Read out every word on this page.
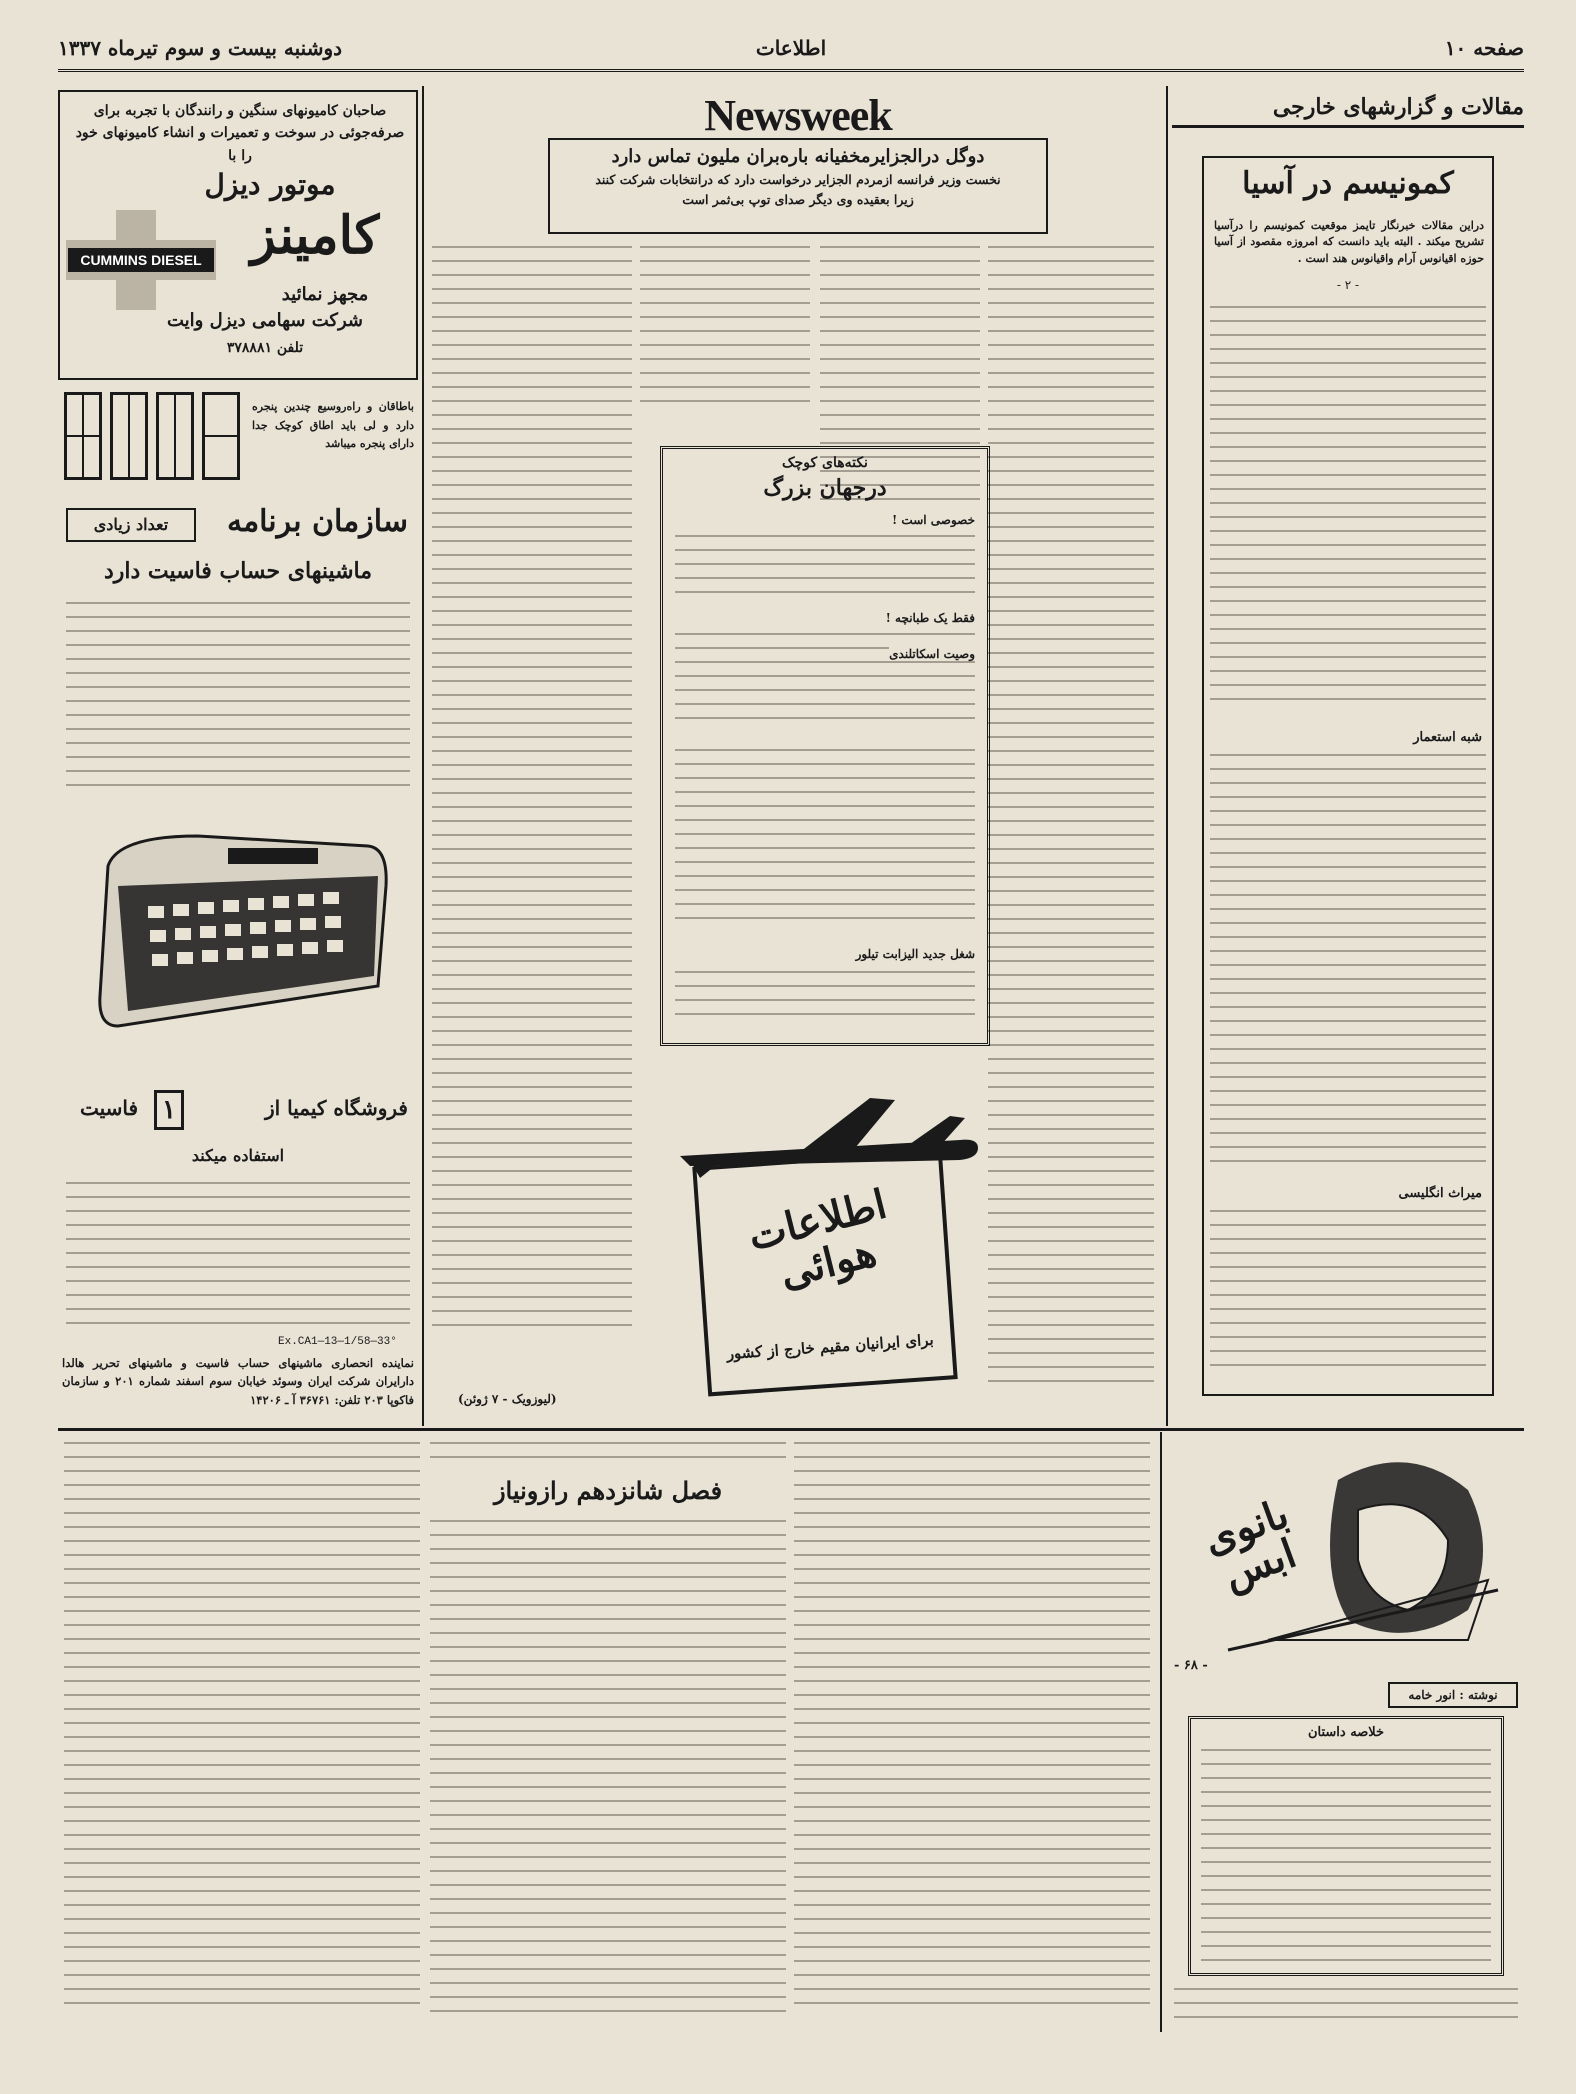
دوشنبه بیست و سوم تیرماه ۱۳۳۷	اطلاعات	صفحه ۱۰
مقالات و گزارشهای خارجی
کمونیسم در آسیا
دراین مقالات خبرنگار تایمز موقعیت کمونیسم را درآسیا تشریح میکند . البته باید دانست که امروزه مقصود از آسیا حوزه اقیانوس آرام واقیانوس هند است .
- ۲ -
شبه استعمار
میراث انگلیسی
Newsweek
دوگل درالجزایرمخفیانه باره‌بران ملیون تماس دارد
نخست وزیر فرانسه ازمردم الجزایر درخواست دارد که درانتخابات شرکت کنند
زیرا بعقیده وی دیگر صدای توپ بی‌ثمر است
(لیوزویک - ۷ ژوئن)
نکته‌های کوچک
درجهان بزرگ
خصوصی است !
فقط یک طبانچه !
وصیت اسکاتلندی
شغل جدید الیزابت تیلور
اطلاعات هوائی
برای ایرانیان مقیم خارج از کشور
صاحبان کامیونهای سنگین و رانندگان با تجربه برای صرفه‌جوئی در سوخت و تعمیرات و انشاء کامیونهای خود را با
موتور دیزل
CUMMINS DIESEL کامینز
مجهز نمائید
شرکت سهامی دیزل وایت
تلفن ۳۷۸۸۸۱
باطاقان و راه‌روسیع چندین پنجره دارد و لی باید اطاق کوچک جدا دارای پنجره میباشد
سازمان برنامه
تعداد زیادی
ماشینهای حساب فاسیت دارد
فروشگاه کیمیا از
۱
فاسیت
استفاده میکند
Ex.CA1—13—1/58—33°
نماینده انحصاری ماشینهای حساب فاسیت و ماشینهای تحریر هالدا دارایران شرکت ایران وسوئد خیابان سوم اسفند شماره ۲۰۱ و سازمان فاکوپا ۲۰۳ تلفن: ۳۶۷۶۱ آ ـ ۱۴۲۰۶
بانوی ابس
- ۶۸ -
نوشته : انور خامه
خلاصه داستان
فصل شانزدهم رازونیاز
